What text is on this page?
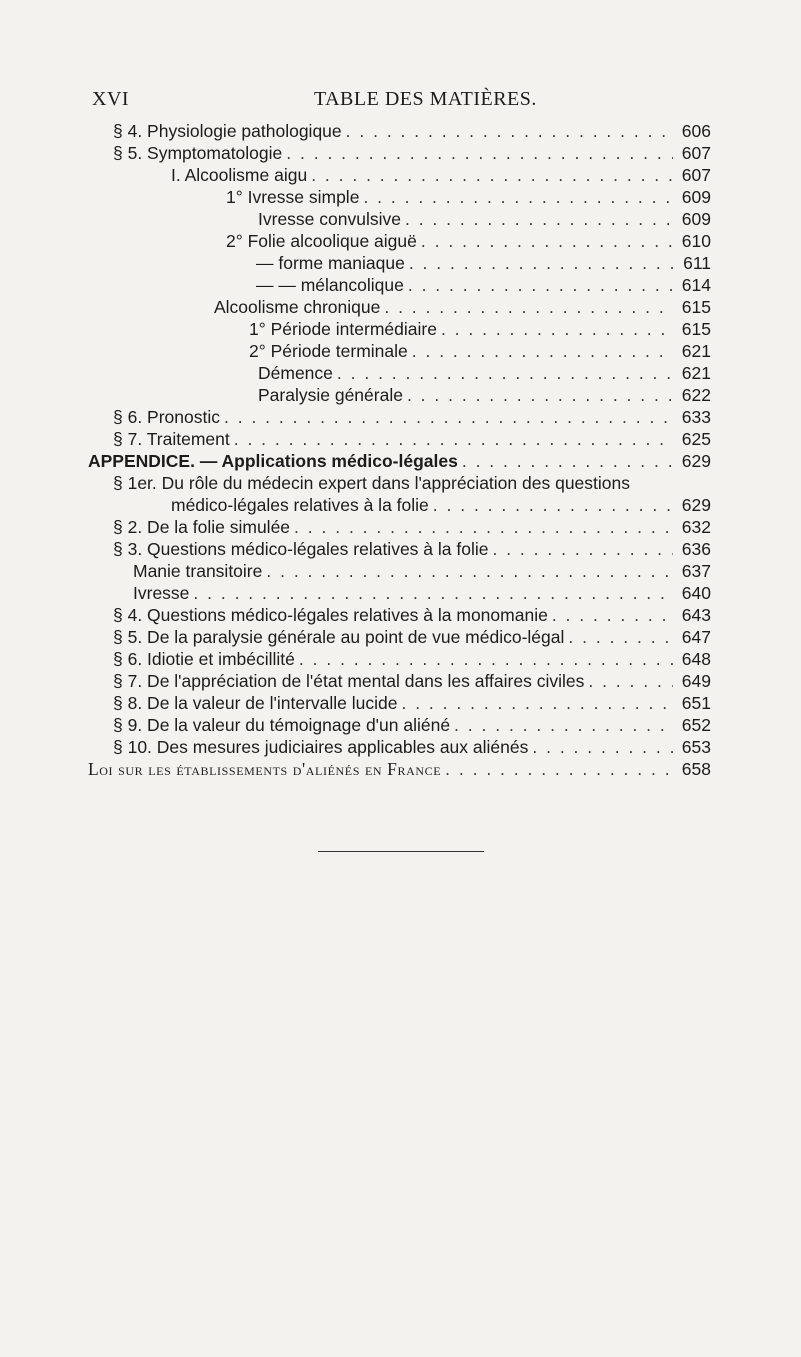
XVI	TABLE DES MATIÈRES.
§ 4. Physiologie pathologique . . .	606
§ 5. Symptomatologie . . .	607
I. Alcoolisme aigu . . .	607
1° Ivresse simple . . .	609
Ivresse convulsive . . .	609
2° Folie alcoolique aiguë . . .	610
— forme maniaque . . .	611
— — mélancolique . . .	614
Alcoolisme chronique . . .	615
1° Période intermédiaire . . .	615
2° Période terminale . . .	621
Démence . . .	621
Paralysie générale . . .	622
§ 6. Pronostic . . .	633
§ 7. Traitement . . .	625
APPENDICE. — Applications médico-légales . . .	629
§ 1er. Du rôle du médecin expert dans l'appréciation des questions
médico-légales relatives à la folie . . .	629
§ 2. De la folie simulée . . .	632
§ 3. Questions médico-légales relatives à la folie . . .	636
Manie transitoire . . .	637
Ivresse . . .	640
§ 4. Questions médico-légales relatives à la monomanie . . .	643
§ 5. De la paralysie générale au point de vue médico-légal . . .	647
§ 6. Idiotie et imbécillité . . .	648
§ 7. De l'appréciation de l'état mental dans les affaires civiles . . .	649
§ 8. De la valeur de l'intervalle lucide . . .	651
§ 9. De la valeur du témoignage d'un aliéné . . .	652
§ 10. Des mesures judiciaires applicables aux aliénés . . .	653
Loi sur les établissements d'aliénés en France . . .	658
